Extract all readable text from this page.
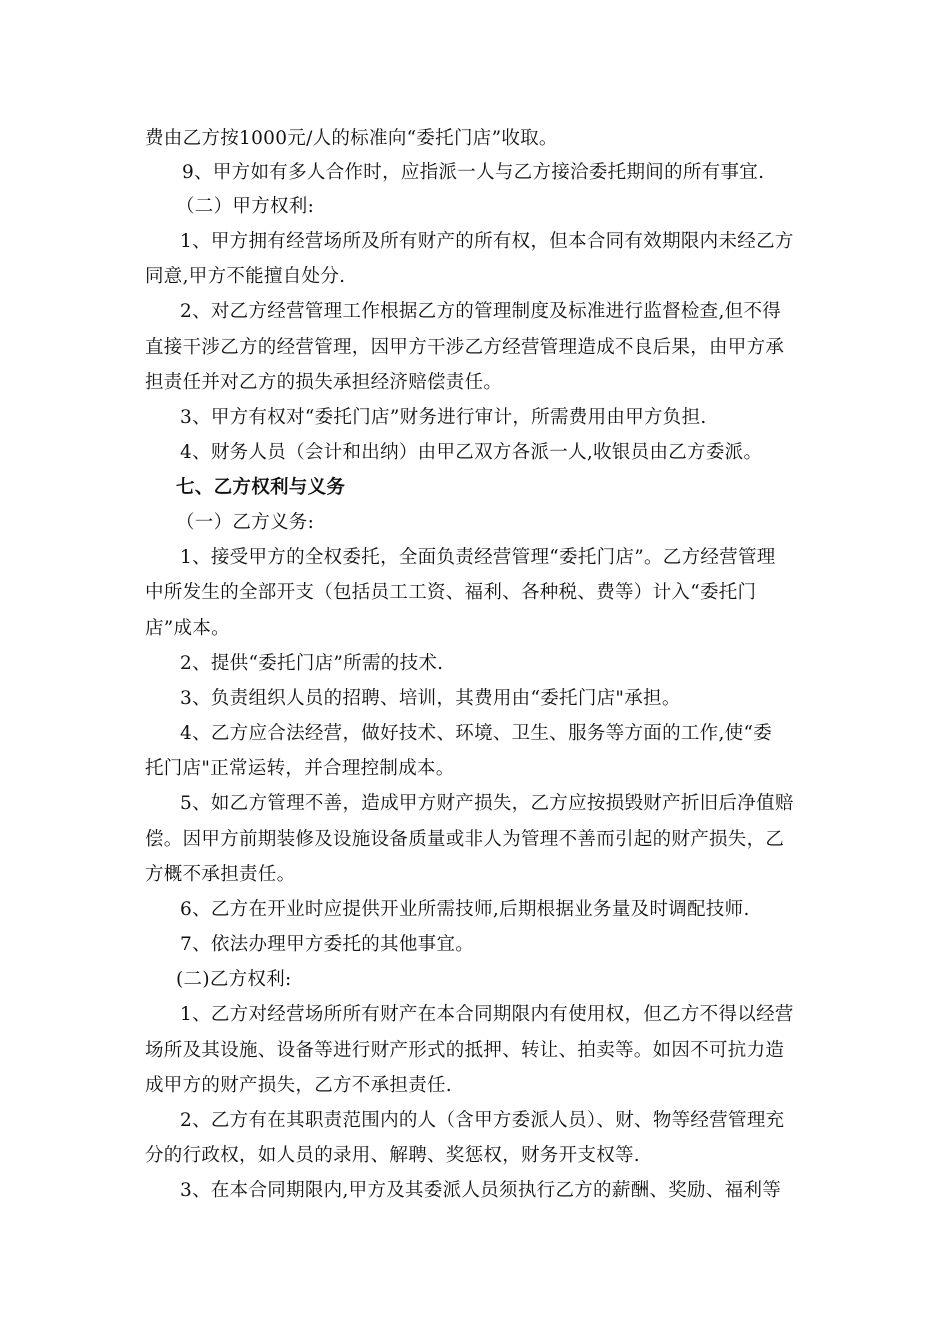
费由乙方按1000元/人的标准向“委托门店”收取。
9、甲方如有多人合作时，应指派一人与乙方接洽委托期间的所有事宜.
（二）甲方权利:
1、甲方拥有经营场所及所有财产的所有权，但本合同有效期限内未经乙方
同意,甲方不能擅自处分.
2、对乙方经营管理工作根据乙方的管理制度及标准进行监督检查,但不得
直接干涉乙方的经营管理，因甲方干涉乙方经营管理造成不良后果，由甲方承
担责任并对乙方的损失承担经济赔偿责任。
3、甲方有权对“委托门店”财务进行审计，所需费用由甲方负担.
4、财务人员（会计和出纳）由甲乙双方各派一人,收银员由乙方委派。
七、乙方权利与义务
（一）乙方义务:
1、接受甲方的全权委托，全面负责经营管理“委托门店”。乙方经营管理
中所发生的全部开支（包括员工工资、福利、各种税、费等）计入“委托门
店”成本。
2、提供“委托门店”所需的技术.
3、负责组织人员的招聘、培训，其费用由“委托门店"承担。
4、乙方应合法经营，做好技术、环境、卫生、服务等方面的工作,使“委
托门店"正常运转，并合理控制成本。
5、如乙方管理不善，造成甲方财产损失，乙方应按损毁财产折旧后净值赔
偿。因甲方前期装修及设施设备质量或非人为管理不善而引起的财产损失，乙
方概不承担责任。
6、乙方在开业时应提供开业所需技师,后期根据业务量及时调配技师.
7、依法办理甲方委托的其他事宜。
(二)乙方权利:
1、乙方对经营场所所有财产在本合同期限内有使用权，但乙方不得以经营
场所及其设施、设备等进行财产形式的抵押、转让、拍卖等。如因不可抗力造
成甲方的财产损失，乙方不承担责任.
2、乙方有在其职责范围内的人（含甲方委派人员）、财、物等经营管理充
分的行政权，如人员的录用、解聘、奖惩权，财务开支权等.
3、在本合同期限内,甲方及其委派人员须执行乙方的薪酬、奖励、福利等
